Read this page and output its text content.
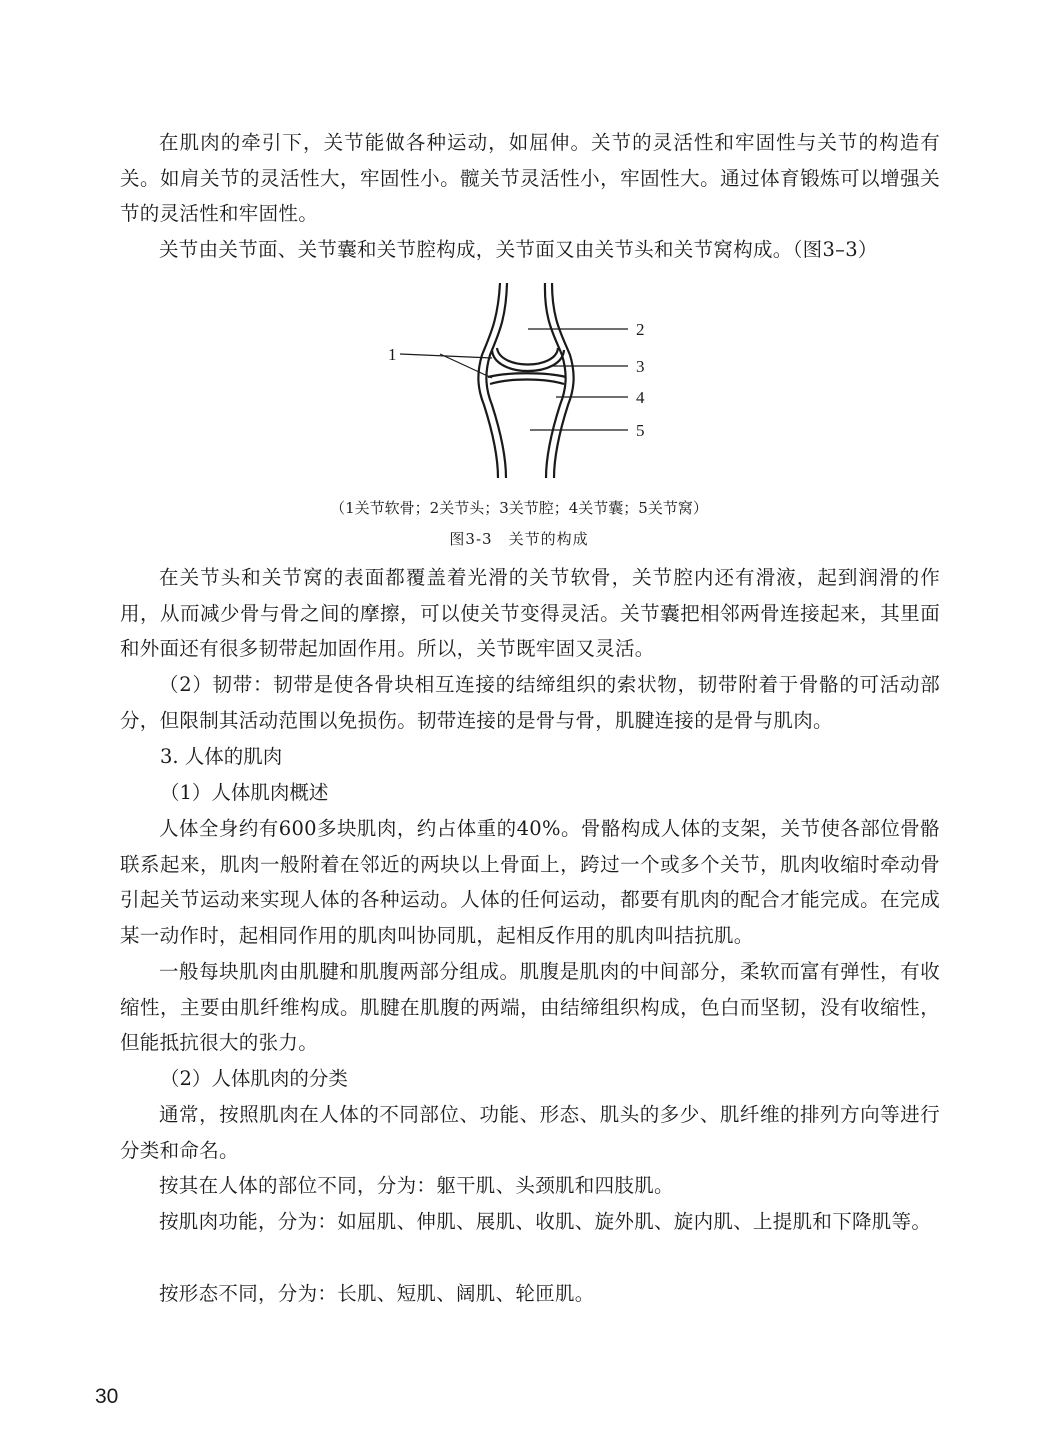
在肌肉的牵引下，关节能做各种运动，如屈伸。关节的灵活性和牢固性与关节的构造有关。如肩关节的灵活性大，牢固性小。髋关节灵活性小，牢固性大。通过体育锻炼可以增强关节的灵活性和牢固性。

关节由关节面、关节囊和关节腔构成，关节面又由关节头和关节窝构成。（图3–3）

1
2
3
4
5
（1关节软骨；2关节头；3关节腔；4关节囊；5关节窝）
图3-3　关节的构成

在关节头和关节窝的表面都覆盖着光滑的关节软骨，关节腔内还有滑液，起到润滑的作用，从而减少骨与骨之间的摩擦，可以使关节变得灵活。关节囊把相邻两骨连接起来，其里面和外面还有很多韧带起加固作用。所以，关节既牢固又灵活。

（2）韧带：韧带是使各骨块相互连接的结缔组织的索状物，韧带附着于骨骼的可活动部分，但限制其活动范围以免损伤。韧带连接的是骨与骨，肌腱连接的是骨与肌肉。

3. 人体的肌肉
（1）人体肌肉概述

人体全身约有600多块肌肉，约占体重的40%。骨骼构成人体的支架，关节使各部位骨骼联系起来，肌肉一般附着在邻近的两块以上骨面上，跨过一个或多个关节，肌肉收缩时牵动骨引起关节运动来实现人体的各种运动。人体的任何运动，都要有肌肉的配合才能完成。在完成某一动作时，起相同作用的肌肉叫协同肌，起相反作用的肌肉叫拮抗肌。

一般每块肌肉由肌腱和肌腹两部分组成。肌腹是肌肉的中间部分，柔软而富有弹性，有收缩性，主要由肌纤维构成。肌腱在肌腹的两端，由结缔组织构成，色白而坚韧，没有收缩性，但能抵抗很大的张力。

（2）人体肌肉的分类

通常，按照肌肉在人体的不同部位、功能、形态、肌头的多少、肌纤维的排列方向等进行分类和命名。

按其在人体的部位不同，分为：躯干肌、头颈肌和四肢肌。

按肌肉功能，分为：如屈肌、伸肌、展肌、收肌、旋外肌、旋内肌、上提肌和下降肌等。

按形态不同，分为：长肌、短肌、阔肌、轮匝肌。

30
